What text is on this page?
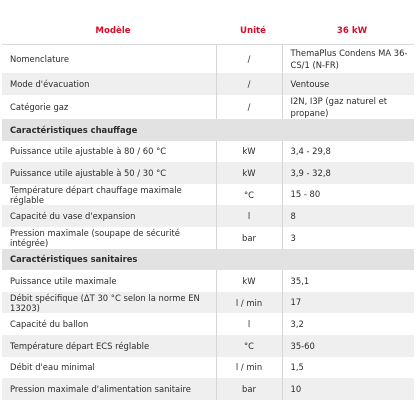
Modèle	Unité	36 kW
Nomenclature	/	ThemaPlus Condens MA 36-CS/1 (N-FR)
Mode d'évacuation	/	Ventouse
Catégorie gaz	/	I2N, I3P (gaz naturel et propane)
Caractéristiques chauffage		
Puissance utile ajustable à 80 / 60 °C	kW	3,4 - 29,8
Puissance utile ajustable à 50 / 30 °C	kW	3,9 - 32,8
Température départ chauffage maximale réglable	°C	15 - 80
Capacité du vase d'expansion	l	8
Pression maximale (soupape de sécurité intégrée)	bar	3
Caractéristiques sanitaires		
Puissance utile maximale	kW	35,1
Débit spécifique (ΔT 30 °C selon la norme EN 13203)	l / min	17
Capacité du ballon	l	3,2
Température départ ECS réglable	°C	35-60
Débit d'eau minimal	l / min	1,5
Pression maximale d'alimentation sanitaire	bar	10
